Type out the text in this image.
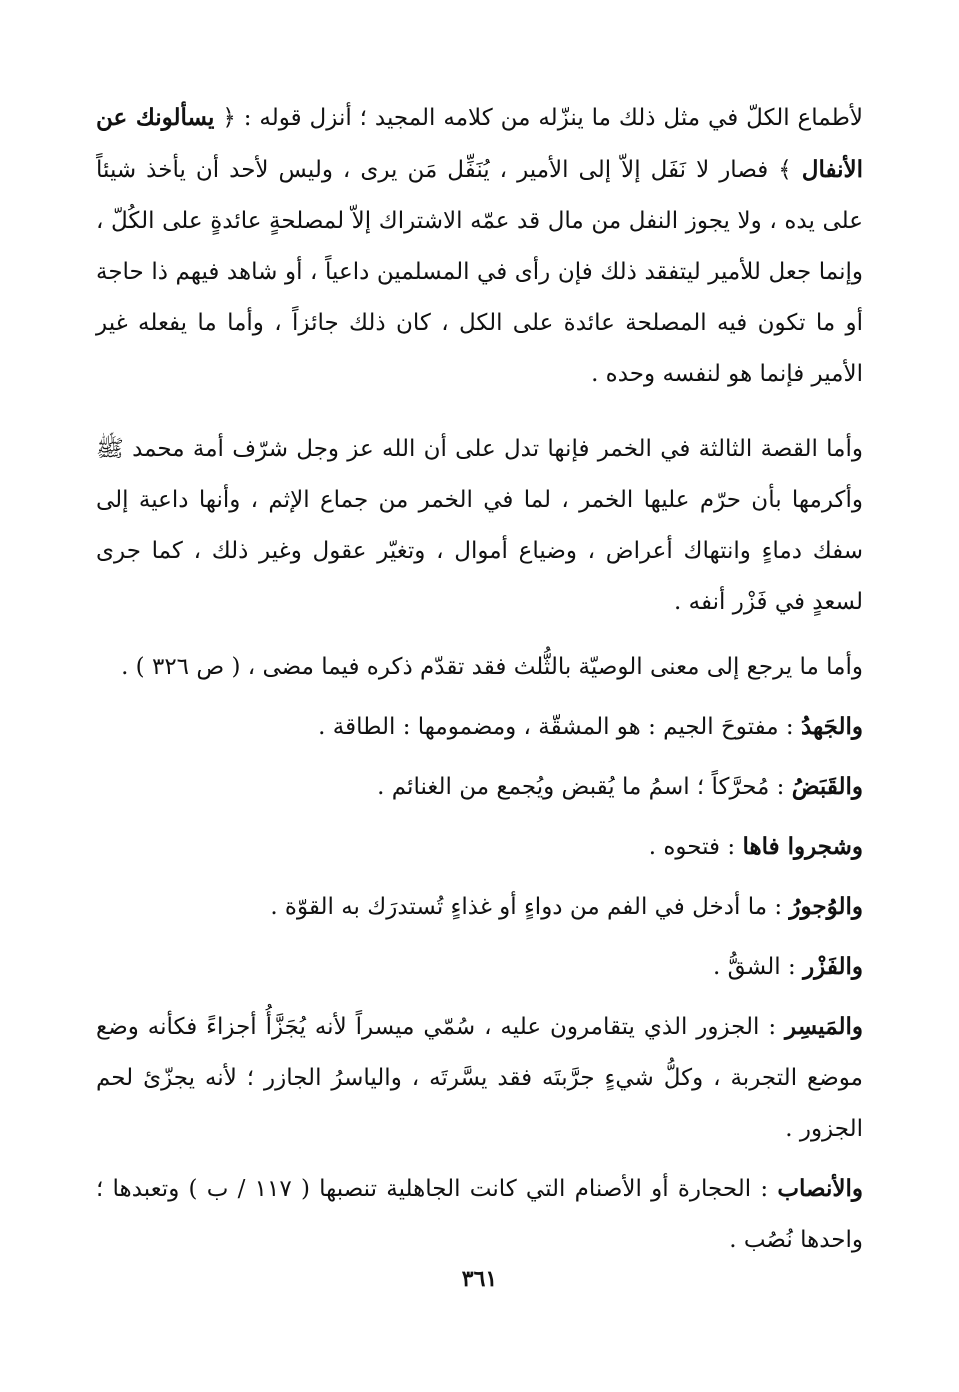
لأطماع الكلّ في مثل ذلك ما ينزّله من كلامه المجيد ؛ أنزل قوله : ﴿ يسألونك عن الأنفال ﴾ فصار لا نَفَل إلاّ إلى الأمير ، يُنَفِّل مَن يرى ، وليس لأحد أن يأخذ شيئاً على يده ، ولا يجوز النفل من مال قد عمّه الاشتراك إلاّ لمصلحةٍ عائدةٍ على الكُلّ ، وإنما جعل للأمير ليتفقد ذلك فإن رأى في المسلمين داعياً ، أو شاهد فيهم ذا حاجة أو ما تكون فيه المصلحة عائدة على الكل ، كان ذلك جائزاً ، وأما ما يفعله غير الأمير فإنما هو لنفسه وحده .

وأما القصة الثالثة في الخمر فإنها تدل على أن الله عز وجل شرّف أمة محمد ﷺ وأكرمها بأن حرّم عليها الخمر ، لما في الخمر من جماع الإثم ، وأنها داعية إلى سفك دماءٍ وانتهاك أعراض ، وضياع أموال ، وتغيّر عقول وغير ذلك ، كما جرى لسعدٍ في فَزْر أنفه .

وأما ما يرجع إلى معنى الوصيّة بالثُّلث فقد تقدّم ذكره فيما مضى ، ( ص ٣٢٦ ) .

والجَهدُ : مفتوحَ الجيم : هو المشقّة ، ومضمومها : الطاقة .

والقَبَضُ : مُحرَّكاً ؛ اسمُ ما يُقبض ويُجمع من الغنائم .

وشجروا فاها : فتحوه .

والوُجورُ : ما أدخل في الفم من دواءٍ أو غذاءٍ تُستدرَك به القوّة .

والفَزْر : الشقُّ .

والمَيسِر : الجزور الذي يتقامرون عليه ، سُمّي ميسراً لأنه يُجَزَّأُ أجزاءً فكأنه وضع موضع التجربة ، وكلُّ شيءٍ جرَّبتَه فقد يسَّرتَه ، والياسرُ الجازر ؛ لأنه يجزّئ لحم الجزور .

والأنصاب : الحجارة أو الأصنام التي كانت الجاهلية تنصبها ( ١١٧ / ب ) وتعبدها ؛ واحدها نُصُب .

٣٦١
